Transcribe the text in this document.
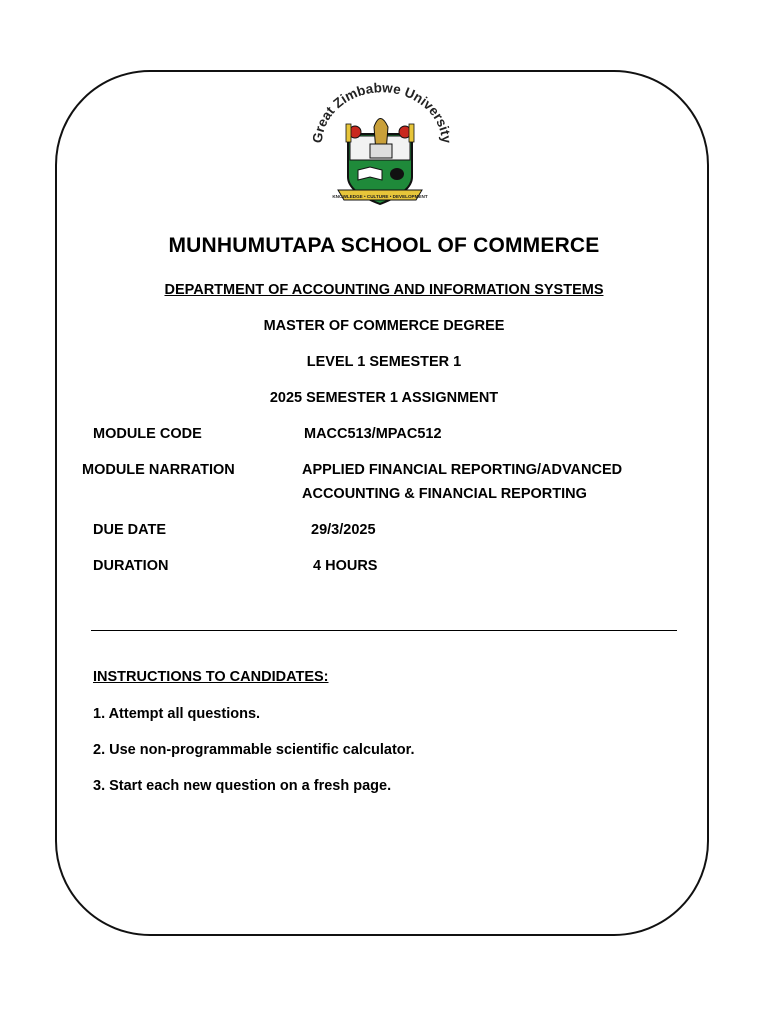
Great Zimbabwe University
KNOWLEDGE • CULTURE • DEVELOPMENT
MUNHUMUTAPA SCHOOL OF COMMERCE
DEPARTMENT OF ACCOUNTING AND INFORMATION SYSTEMS
MASTER OF COMMERCE DEGREE
LEVEL 1 SEMESTER 1
2025 SEMESTER 1 ASSIGNMENT
MODULE CODE	MACC513/MPAC512
MODULE NARRATION	APPLIED FINANCIAL REPORTING/ADVANCED
ACCOUNTING & FINANCIAL REPORTING
DUE DATE	29/3/2025
DURATION	4 HOURS
INSTRUCTIONS TO CANDIDATES:
1. Attempt all questions.
2. Use non-programmable scientific calculator.
3. Start each new question on a fresh page.
